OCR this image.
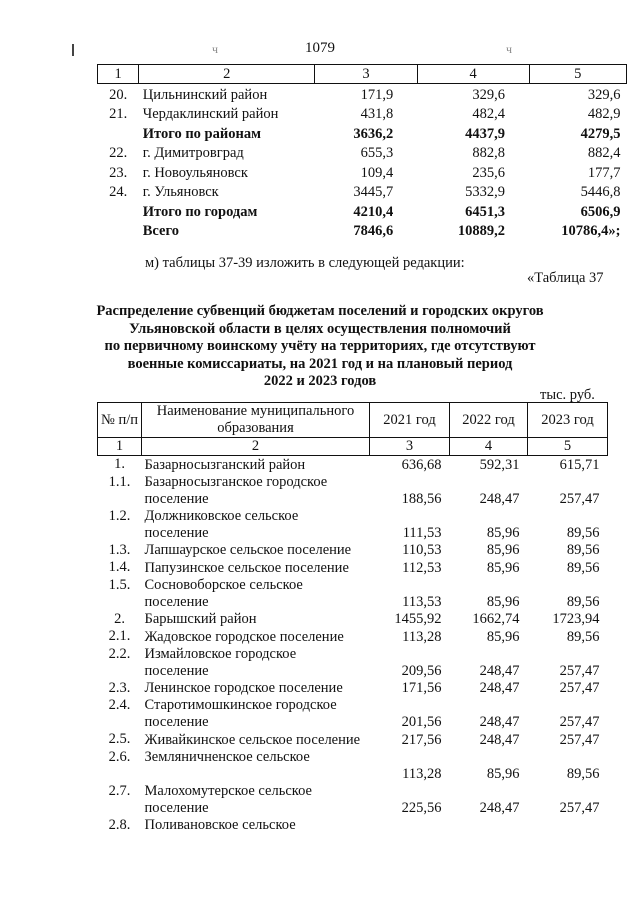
ч	ч
1079
1	2	3	4	5
20.	Цильнинский район	171,9	329,6	329,6
21.	Чердаклинский район	431,8	482,4	482,9
	Итого по районам	3636,2	4437,9	4279,5
22.	г. Димитровград	655,3	882,8	882,4
23.	г. Новоульяновск	109,4	235,6	177,7
24.	г. Ульяновск	3445,7	5332,9	5446,8
	Итого по городам	4210,4	6451,3	6506,9
	Всего	7846,6	10889,2	10786,4»;
м) таблицы 37-39 изложить в следующей редакции:
«Таблица 37
Распределение субвенций бюджетам поселений и городских округов
Ульяновской области в целях осуществления полномочий
по первичному воинскому учёту на территориях, где отсутствуют
военные комиссариаты, на 2021 год и на плановый период
2022 и 2023 годов
тыс. руб.
№ п/п	Наименование муниципального образования	2021 год	2022 год	2023 год
1	2	3	4	5
1.	Базарносызганский район	636,68	592,31	615,71
1.1.	Базарносызганское городское
поселение	188,56	248,47	257,47
1.2.	Должниковское сельское
поселение	111,53	85,96	89,56
1.3.	Лапшаурское сельское поселение	110,53	85,96	89,56
1.4.	Папузинское сельское поселение	112,53	85,96	89,56
1.5.	Сосновоборское сельское
поселение	113,53	85,96	89,56
2.	Барышский район	1455,92	1662,74	1723,94
2.1.	Жадовское городское поселение	113,28	85,96	89,56
2.2.	Измайловское городское
поселение	209,56	248,47	257,47
2.3.	Ленинское городское поселение	171,56	248,47	257,47
2.4.	Старотимошкинское городское
поселение	201,56	248,47	257,47
2.5.	Живайкинское сельское поселение	217,56	248,47	257,47
2.6.	Земляничненское сельское	113,28	85,96	89,56
2.7.	Малохомутерское сельское
поселение	225,56	248,47	257,47
2.8.	Поливановское сельское			
